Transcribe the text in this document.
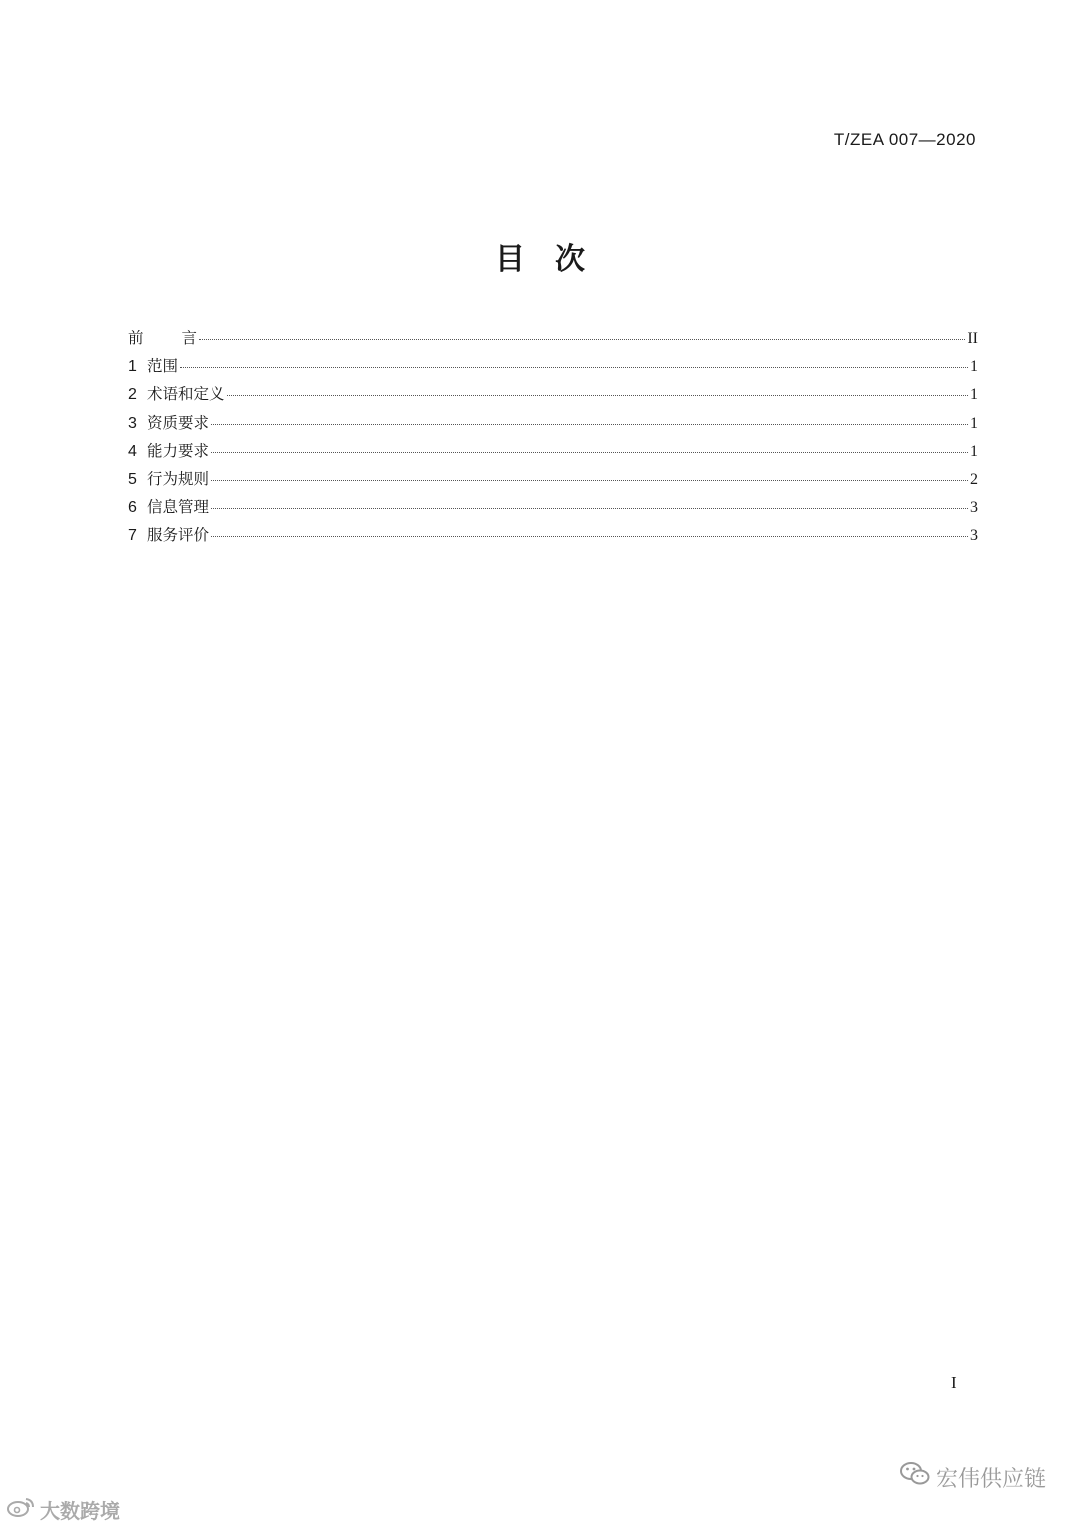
T/ZEA 007—2020
目　次
前言	II
1 范围	1
2 术语和定义	1
3 资质要求	1
4 能力要求	1
5 行为规则	2
6 信息管理	3
7 服务评价	3
I
宏伟供应链
大数跨境
